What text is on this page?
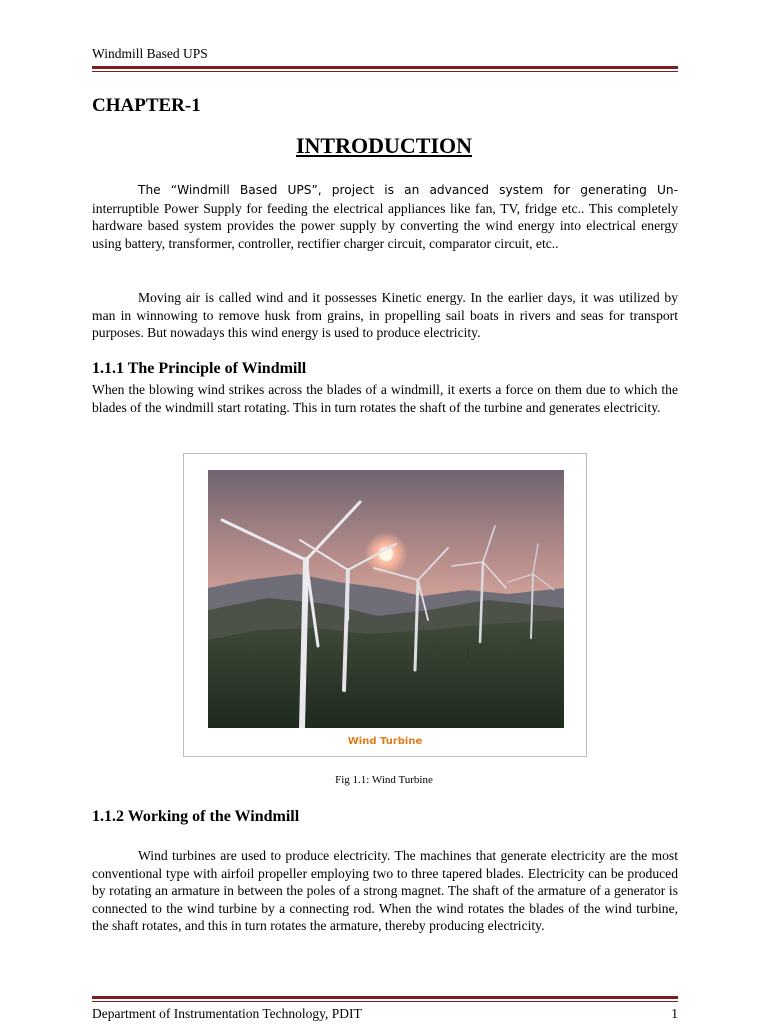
Windmill Based UPS
CHAPTER-1
INTRODUCTION

The “Windmill Based UPS”, project is an advanced system for generating Un- interruptible Power Supply for feeding the electrical appliances like fan, TV, fridge etc.. This completely hardware based system provides the power supply by converting the wind energy into electrical energy using battery, transformer, controller, rectifier charger circuit, comparator circuit, etc..

Moving air is called wind and it possesses Kinetic energy. In the earlier days, it was utilized by man in winnowing to remove husk from grains, in propelling sail boats in rivers and seas for transport purposes. But nowadays this wind energy is used to produce electricity.

1.1.1 The Principle of Windmill

When the blowing wind strikes across the blades of a windmill, it exerts a force on them due to which the blades of the windmill start rotating. This in turn rotates the shaft of the turbine and generates electricity.

Wind Turbine
Fig 1.1: Wind Turbine
1.1.2 Working of the Windmill

Wind turbines are used to produce electricity. The machines that generate electricity are the most conventional type with airfoil propeller employing two to three tapered blades. Electricity can be produced by rotating an armature in between the poles of a strong magnet. The shaft of the armature of a generator is connected to the wind turbine by a connecting rod. When the wind rotates the blades of the wind turbine, the shaft rotates, and this in turn rotates the armature, thereby producing electricity.

Department of Instrumentation Technology, PDIT	1
